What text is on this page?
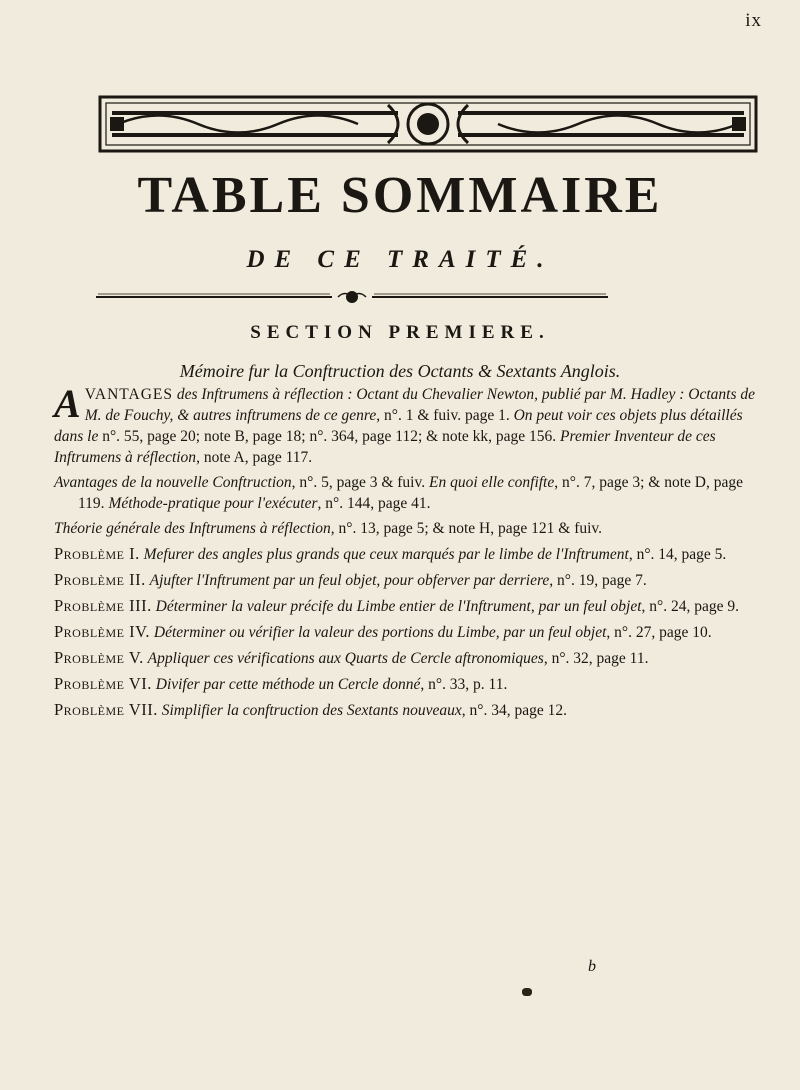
ix
TABLE SOMMAIRE
DE CE TRAITÉ.
SECTION PREMIERE.

Mémoire fur la Conftruction des Octants & Sextants Anglois.

AVANTAGES des Inftrumens à réflection : Octant du Chevalier Newton, publié par M. Hadley : Octants de M. de Fouchy, & autres inftrumens de ce genre, n°. 1 & fuiv. page 1. On peut voir ces objets plus détaillés dans le n°. 55, page 20; note B, page 18; n°. 364, page 112; & note kk, page 156. Premier Inventeur de ces Inftrumens à réflection, note A, page 117.

Avantages de la nouvelle Conftruction, n°. 5, page 3 & fuiv. En quoi elle confifte, n°. 7, page 3; & note D, page 119. Méthode-pratique pour l'exécuter, n°. 144, page 41.

Théorie générale des Inftrumens à réflection, n°. 13, page 5; & note H, page 121 & fuiv.

Problème I. Mefurer des angles plus grands que ceux marqués par le limbe de l'Inftrument, n°. 14, page 5.

Problème II. Ajufter l'Inftrument par un feul objet, pour obferver par derriere, n°. 19, page 7.

Problème III. Déterminer la valeur précife du Limbe entier de l'Inftrument, par un feul objet, n°. 24, page 9.

Problème IV. Déterminer ou vérifier la valeur des portions du Limbe, par un feul objet, n°. 27, page 10.

Problème V. Appliquer ces vérifications aux Quarts de Cercle aftronomiques, n°. 32, page 11.

Problème VI. Divifer par cette méthode un Cercle donné, n°. 33, p. 11.

Problème VII. Simplifier la conftruction des Sextants nouveaux, n°. 34, page 12.

b
